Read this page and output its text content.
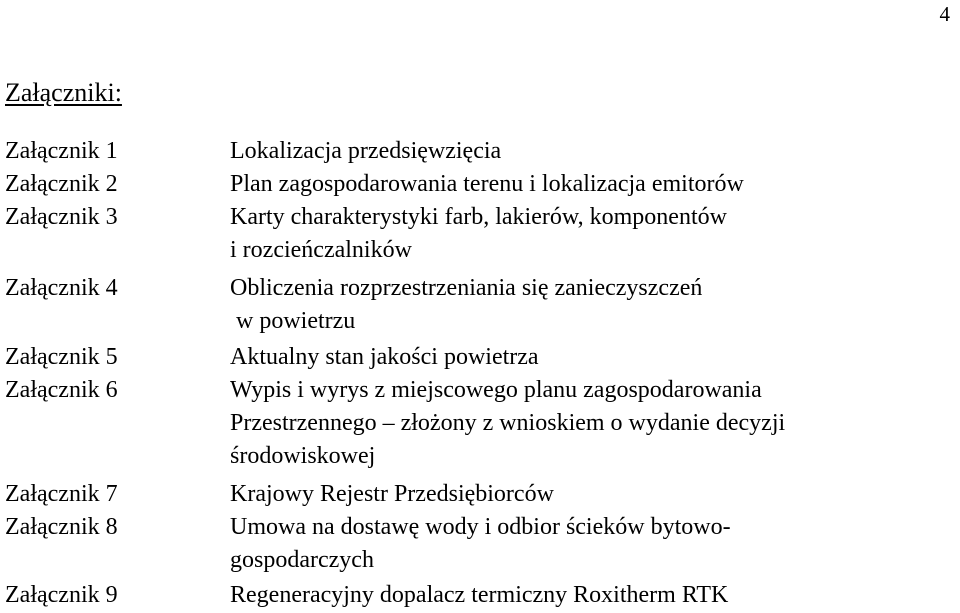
4
Załączniki:
Załącznik 1	Lokalizacja przedsięwzięcia
Załącznik 2	Plan zagospodarowania terenu i lokalizacja emitorów
Załącznik 3	Karty charakterystyki farb, lakierów, komponentów
i rozcieńczalników
Załącznik 4	Obliczenia rozprzestrzeniania się zanieczyszczeń
w powietrzu
Załącznik 5	Aktualny stan jakości powietrza
Załącznik 6	Wypis i wyrys z miejscowego planu zagospodarowania
Przestrzennego – złożony z wnioskiem o wydanie decyzji
środowiskowej
Załącznik 7	Krajowy Rejestr Przedsiębiorców
Załącznik 8	Umowa na dostawę wody i odbior ścieków bytowo-
gospodarczych
Załącznik 9	Regeneracyjny dopalacz termiczny Roxitherm RTK
